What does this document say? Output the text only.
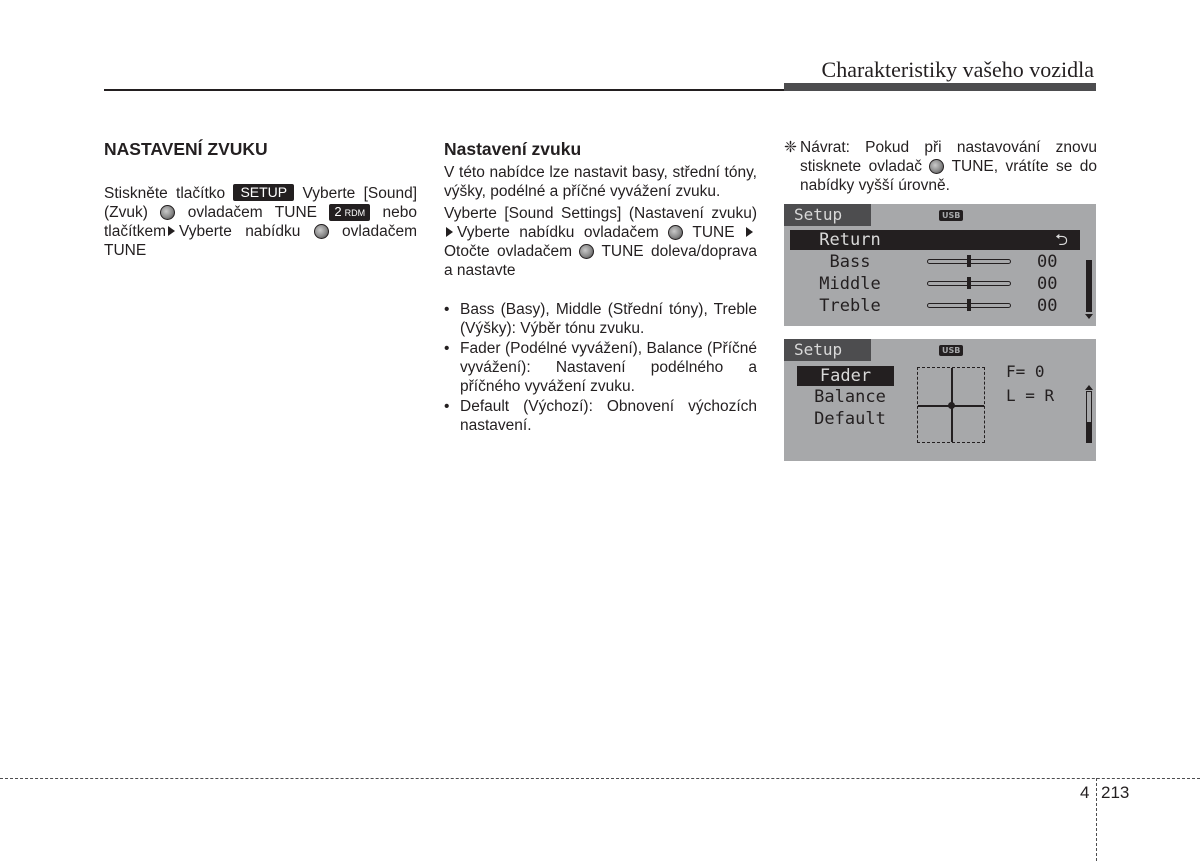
Charakteristiky vašeho vozidla
NASTAVENÍ ZVUKU

Stiskněte tlačítko SETUP Vyberte [Sound] (Zvuk)	ovladačem TUNE 2 RDM nebo tlačítkem Vyberte nabídku	ovladačem TUNE

Nastavení zvuku

V této nabídce lze nastavit basy, střední tóny, výšky, podélné a příčné vyvážení zvuku.

Vyberte [Sound Settings] (Nastavení zvuku)Vyberte nabídku ovladačem TUNE Otočte ovladačem TUNE doleva/doprava a nastavte

• Bass (Basy), Middle (Střední tóny), Treble (Výšky): Výběr tónu zvuku.
• Fader (Podélné vyvážení), Balance (Příčné vyvážení): Nastavení podélného a příčného vyvážení zvuku.
• Default (Výchozí): Obnovení výchozích nastavení.
❈ Návrat: Pokud při nastavování znovu stisknete ovladač TUNE, vrátíte se do nabídky vyšší úrovně.
Setup	USB
Return	⮌
Bass	00
Middle	00
Treble	00
Setup	USB
Fader
Balance
Default
F= 0
L = R
4 213
